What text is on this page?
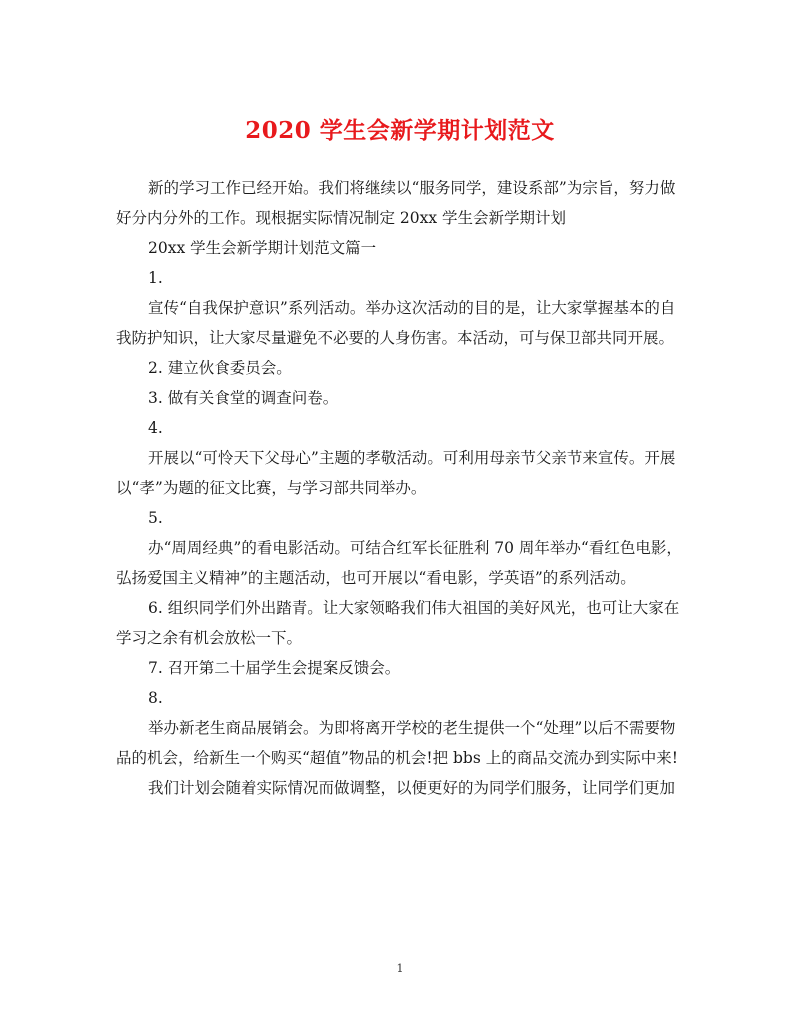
2020 学生会新学期计划范文

新的学习工作已经开始。我们将继续以“服务同学，建设系部”为宗旨，努力做好分内分外的工作。现根据实际情况制定 20xx 学生会新学期计划

20xx 学生会新学期计划范文篇一

1.

宣传“自我保护意识”系列活动。举办这次活动的目的是，让大家掌握基本的自我防护知识，让大家尽量避免不必要的人身伤害。本活动，可与保卫部共同开展。

2. 建立伙食委员会。

3. 做有关食堂的调查问卷。

4.

开展以“可怜天下父母心”主题的孝敬活动。可利用母亲节父亲节来宣传。开展以“孝”为题的征文比赛，与学习部共同举办。

5.

办“周周经典”的看电影活动。可结合红军长征胜利 70 周年举办“看红色电影，弘扬爱国主义精神”的主题活动，也可开展以“看电影，学英语”的系列活动。

6. 组织同学们外出踏青。让大家领略我们伟大祖国的美好风光，也可让大家在学习之余有机会放松一下。

7. 召开第二十届学生会提案反馈会。

8.

举办新老生商品展销会。为即将离开学校的老生提供一个“处理”以后不需要物品的机会，给新生一个购买“超值”物品的机会!把 bbs 上的商品交流办到实际中来!

我们计划会随着实际情况而做调整，以便更好的为同学们服务，让同学们更加

1
